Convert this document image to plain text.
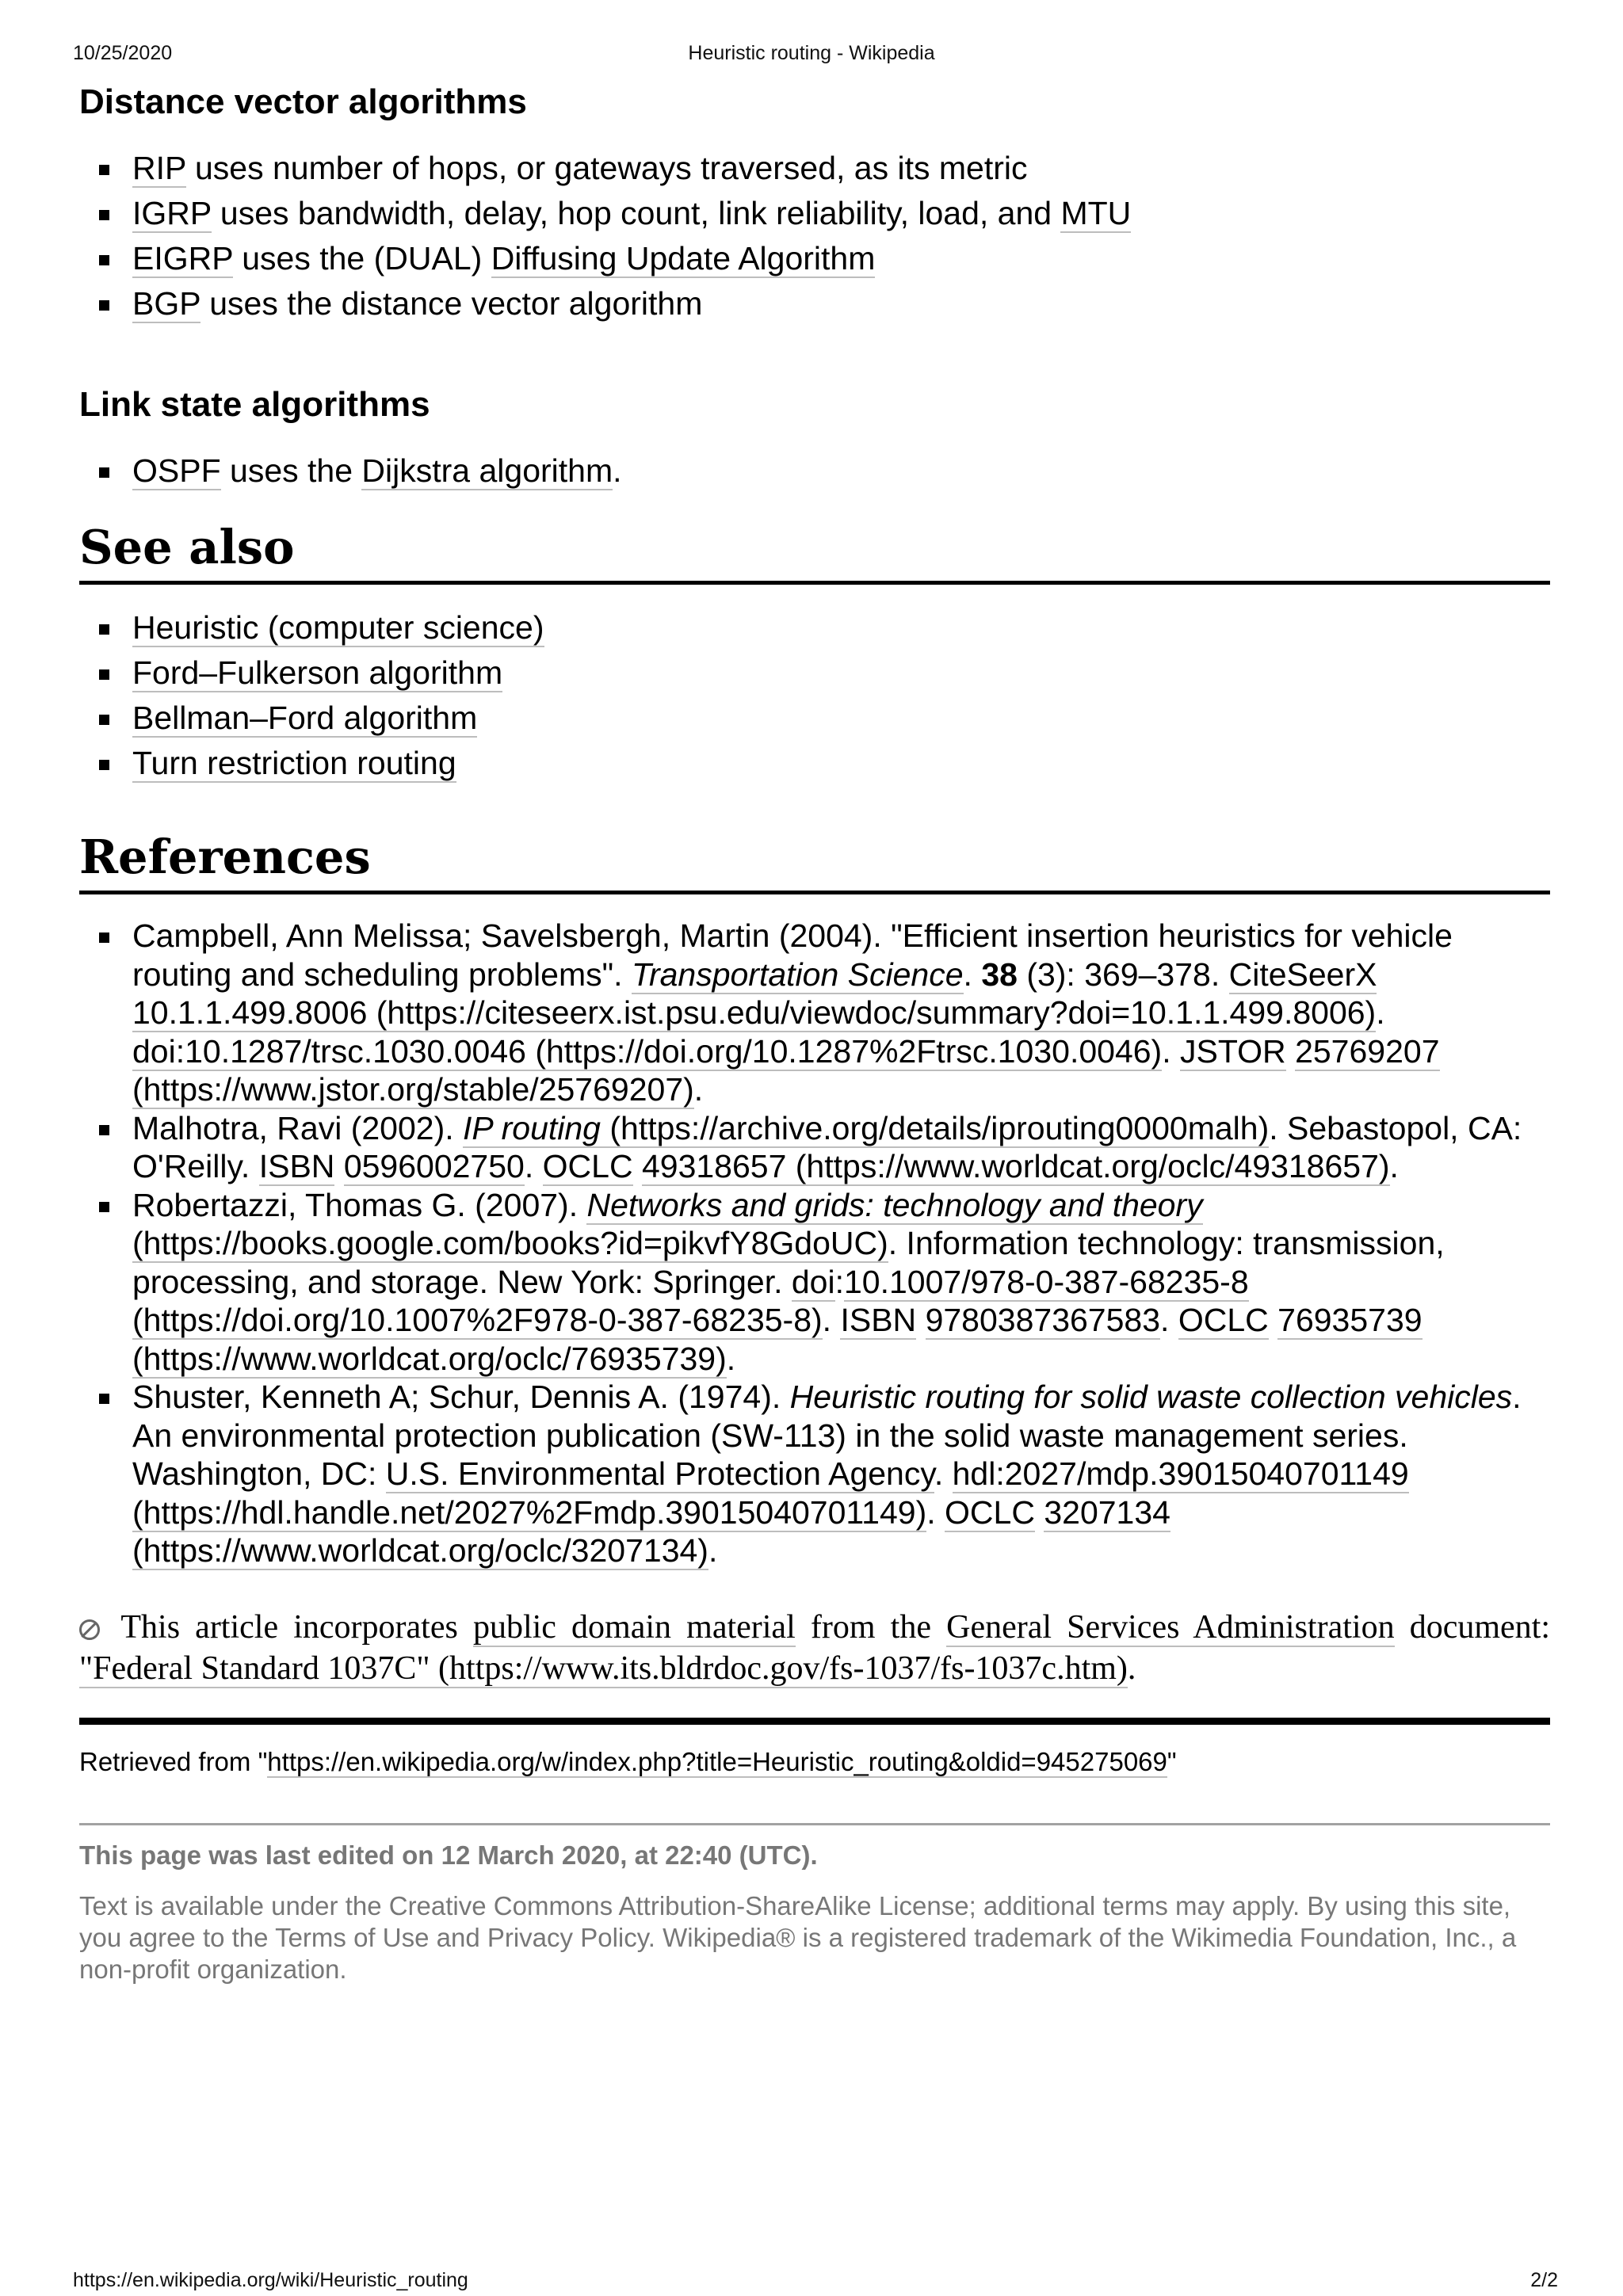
10/25/2020	Heuristic routing - Wikipedia
Distance vector algorithms
RIP uses number of hops, or gateways traversed, as its metric
IGRP uses bandwidth, delay, hop count, link reliability, load, and MTU
EIGRP uses the (DUAL) Diffusing Update Algorithm
BGP uses the distance vector algorithm
Link state algorithms
OSPF uses the Dijkstra algorithm.
See also
Heuristic (computer science)
Ford–Fulkerson algorithm
Bellman–Ford algorithm
Turn restriction routing
References
Campbell, Ann Melissa; Savelsbergh, Martin (2004). "Efficient insertion heuristics for vehicle routing and scheduling problems". Transportation Science. 38 (3): 369–378. CiteSeerX 10.1.1.499.8006 (https://citeseerx.ist.psu.edu/viewdoc/summary?doi=10.1.1.499.8006). doi:10.1287/trsc.1030.0046 (https://doi.org/10.1287%2Ftrsc.1030.0046). JSTOR 25769207 (https://www.jstor.org/stable/25769207).
Malhotra, Ravi (2002). IP routing (https://archive.org/details/iprouting0000malh). Sebastopol, CA: O'Reilly. ISBN 0596002750. OCLC 49318657 (https://www.worldcat.org/oclc/49318657).
Robertazzi, Thomas G. (2007). Networks and grids: technology and theory (https://books.google.com/books?id=pikvfY8GdoUC). Information technology: transmission, processing, and storage. New York: Springer. doi:10.1007/978-0-387-68235-8 (https://doi.org/10.1007%2F978-0-387-68235-8). ISBN 9780387367583. OCLC 76935739 (https://www.worldcat.org/oclc/76935739).
Shuster, Kenneth A; Schur, Dennis A. (1974). Heuristic routing for solid waste collection vehicles. An environmental protection publication (SW-113) in the solid waste management series. Washington, DC: U.S. Environmental Protection Agency. hdl:2027/mdp.39015040701149 (https://hdl.handle.net/2027%2Fmdp.39015040701149). OCLC 3207134 (https://www.worldcat.org/oclc/3207134).

This article incorporates public domain material from the General Services Administration document: "Federal Standard 1037C" (https://www.its.bldrdoc.gov/fs-1037/fs-1037c.htm).

Retrieved from "https://en.wikipedia.org/w/index.php?title=Heuristic_routing&oldid=945275069"

This page was last edited on 12 March 2020, at 22:40 (UTC).

Text is available under the Creative Commons Attribution-ShareAlike License; additional terms may apply. By using this site, you agree to the Terms of Use and Privacy Policy. Wikipedia® is a registered trademark of the Wikimedia Foundation, Inc., a non-profit organization.

https://en.wikipedia.org/wiki/Heuristic_routing	2/2
